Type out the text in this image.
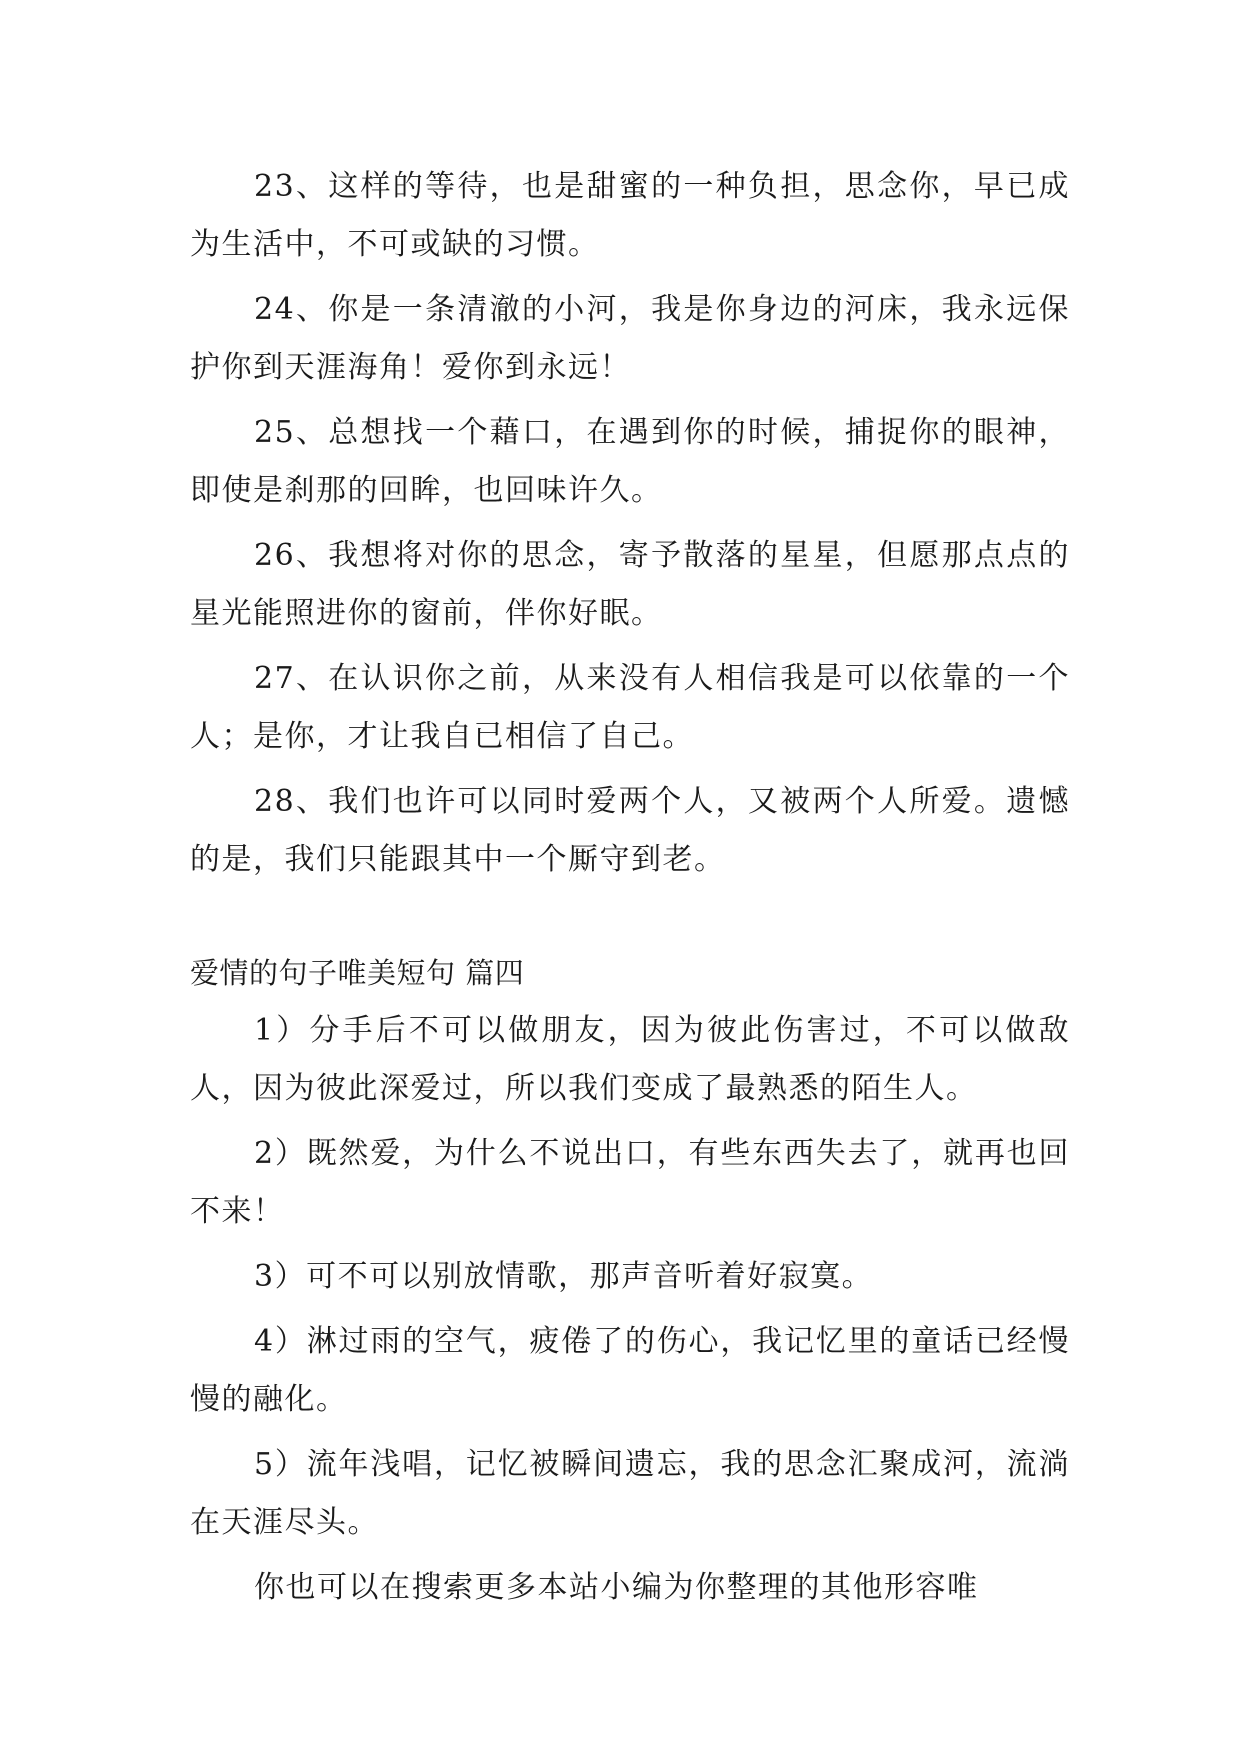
23、这样的等待，也是甜蜜的一种负担，思念你，早已成为生活中，不可或缺的习惯。

24、你是一条清澈的小河，我是你身边的河床，我永远保护你到天涯海角！爱你到永远！

25、总想找一个藉口，在遇到你的时候，捕捉你的眼神，即使是刹那的回眸，也回味许久。

26、我想将对你的思念，寄予散落的星星，但愿那点点的星光能照进你的窗前，伴你好眠。

27、在认识你之前，从来没有人相信我是可以依靠的一个人；是你，才让我自已相信了自己。

28、我们也许可以同时爱两个人，又被两个人所爱。遗憾的是，我们只能跟其中一个厮守到老。

爱情的句子唯美短句 篇四

1）分手后不可以做朋友，因为彼此伤害过，不可以做敌人，因为彼此深爱过，所以我们变成了最熟悉的陌生人。

2）既然爱，为什么不说出口，有些东西失去了，就再也回不来！

3）可不可以别放情歌，那声音听着好寂寞。

4）淋过雨的空气，疲倦了的伤心，我记忆里的童话已经慢慢的融化。

5）流年浅唱，记忆被瞬间遗忘，我的思念汇聚成河，流淌在天涯尽头。

你也可以在搜索更多本站小编为你整理的其他形容唯
